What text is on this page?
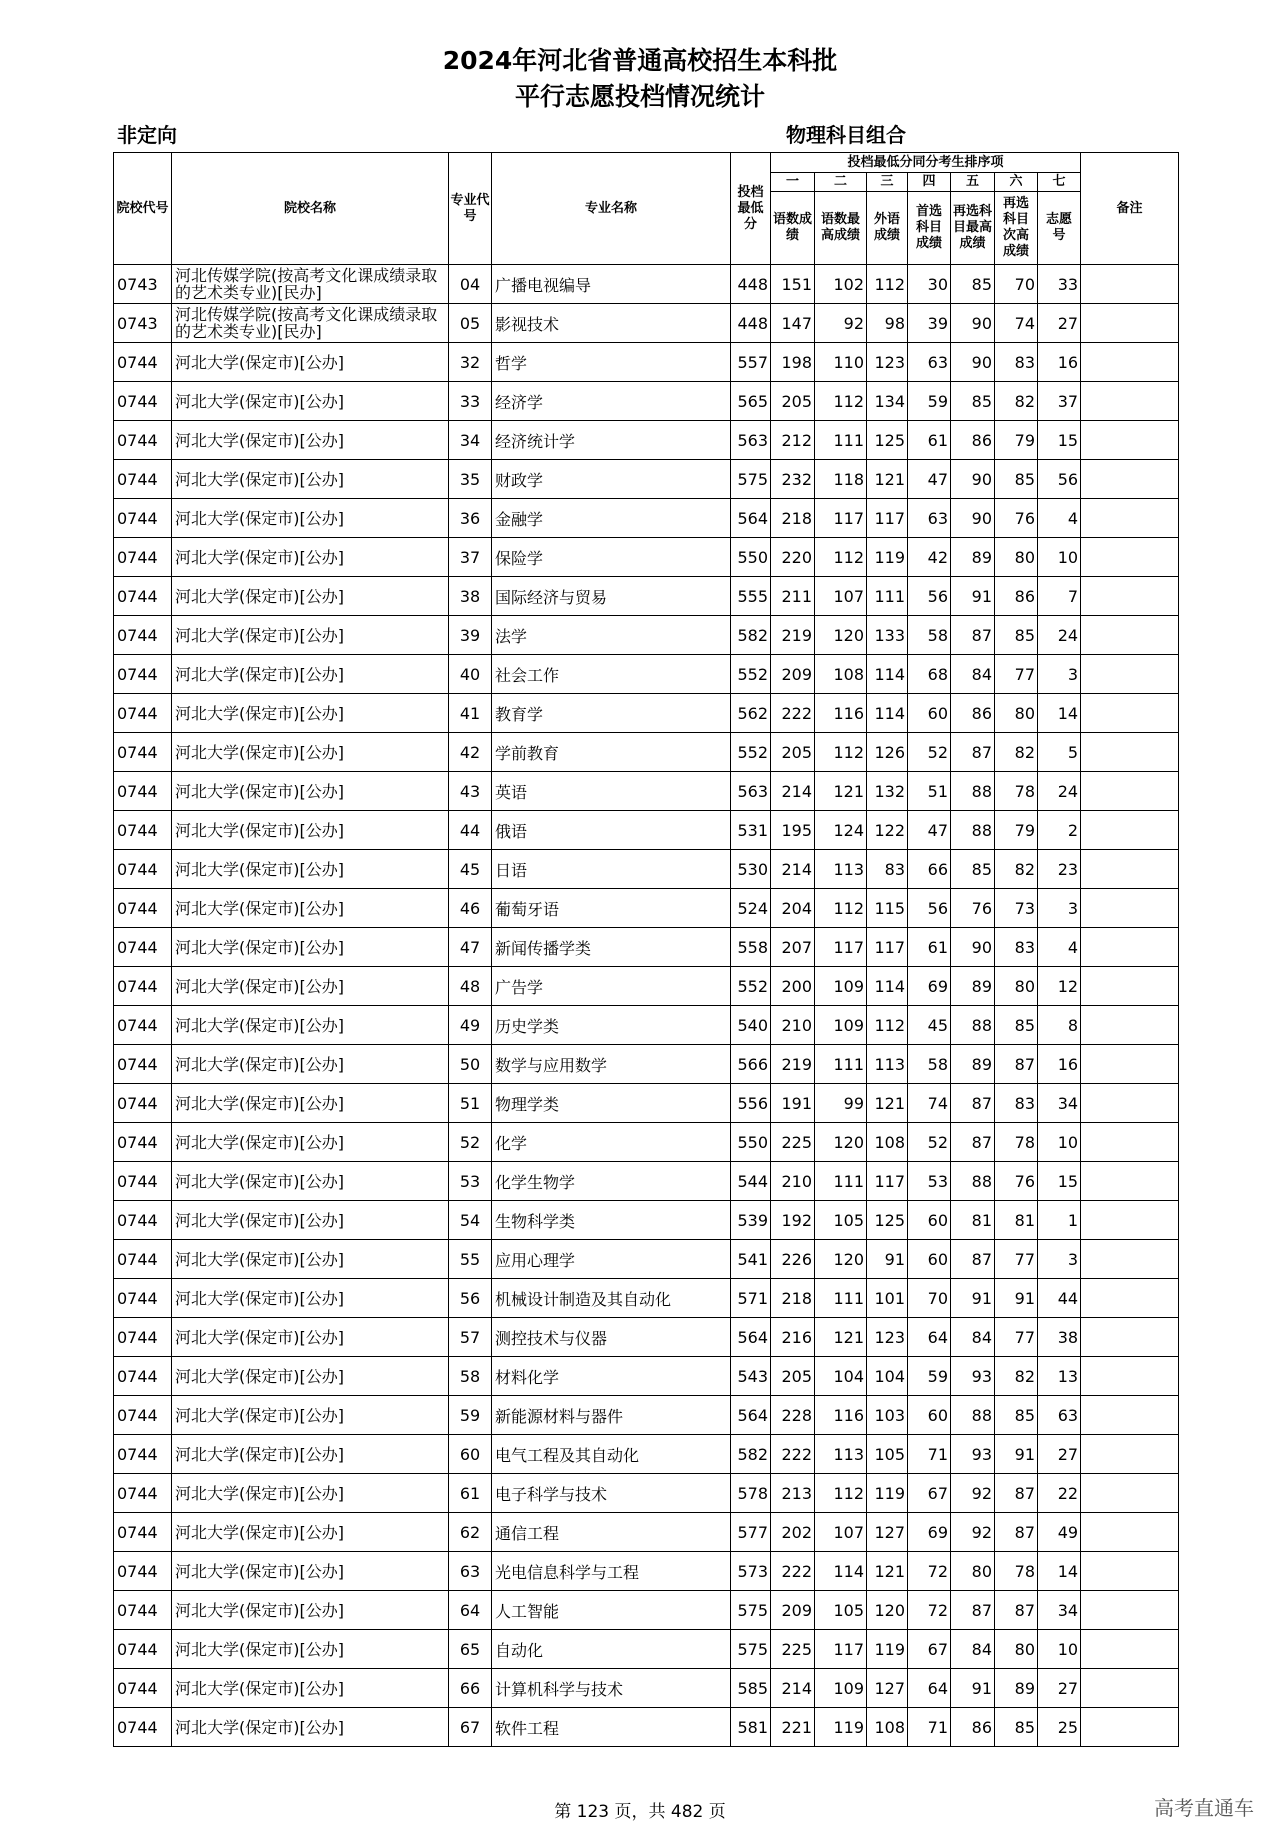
2024年河北省普通高校招生本科批
平行志愿投档情况统计
非定向	物理科目组合
院校代号	院校名称	专业代号	专业名称	投档最低分	投档最低分同分考生排序项							备注
					一	二	三	四	五	六	七	

					语数成绩	语数最高成绩	外语成绩	首选科目成绩	再选科目最高成绩	再选科目次高成绩	志愿号	

0743	河北传媒学院(按高考文化课成绩录取的艺术类专业)[民办]	04	广播电视编导	448	151	102	112	30	85	70	33	
0743	河北传媒学院(按高考文化课成绩录取的艺术类专业)[民办]	05	影视技术	448	147	92	98	39	90	74	27	
0744	河北大学(保定市)[公办]	32	哲学	557	198	110	123	63	90	83	16	
0744	河北大学(保定市)[公办]	33	经济学	565	205	112	134	59	85	82	37	
0744	河北大学(保定市)[公办]	34	经济统计学	563	212	111	125	61	86	79	15	
0744	河北大学(保定市)[公办]	35	财政学	575	232	118	121	47	90	85	56	
0744	河北大学(保定市)[公办]	36	金融学	564	218	117	117	63	90	76	4	
0744	河北大学(保定市)[公办]	37	保险学	550	220	112	119	42	89	80	10	
0744	河北大学(保定市)[公办]	38	国际经济与贸易	555	211	107	111	56	91	86	7	
0744	河北大学(保定市)[公办]	39	法学	582	219	120	133	58	87	85	24	
0744	河北大学(保定市)[公办]	40	社会工作	552	209	108	114	68	84	77	3	
0744	河北大学(保定市)[公办]	41	教育学	562	222	116	114	60	86	80	14	
0744	河北大学(保定市)[公办]	42	学前教育	552	205	112	126	52	87	82	5	
0744	河北大学(保定市)[公办]	43	英语	563	214	121	132	51	88	78	24	
0744	河北大学(保定市)[公办]	44	俄语	531	195	124	122	47	88	79	2	
0744	河北大学(保定市)[公办]	45	日语	530	214	113	83	66	85	82	23	
0744	河北大学(保定市)[公办]	46	葡萄牙语	524	204	112	115	56	76	73	3	
0744	河北大学(保定市)[公办]	47	新闻传播学类	558	207	117	117	61	90	83	4	
0744	河北大学(保定市)[公办]	48	广告学	552	200	109	114	69	89	80	12	
0744	河北大学(保定市)[公办]	49	历史学类	540	210	109	112	45	88	85	8	
0744	河北大学(保定市)[公办]	50	数学与应用数学	566	219	111	113	58	89	87	16	
0744	河北大学(保定市)[公办]	51	物理学类	556	191	99	121	74	87	83	34	
0744	河北大学(保定市)[公办]	52	化学	550	225	120	108	52	87	78	10	
0744	河北大学(保定市)[公办]	53	化学生物学	544	210	111	117	53	88	76	15	
0744	河北大学(保定市)[公办]	54	生物科学类	539	192	105	125	60	81	81	1	
0744	河北大学(保定市)[公办]	55	应用心理学	541	226	120	91	60	87	77	3	
0744	河北大学(保定市)[公办]	56	机械设计制造及其自动化	571	218	111	101	70	91	91	44	
0744	河北大学(保定市)[公办]	57	测控技术与仪器	564	216	121	123	64	84	77	38	
0744	河北大学(保定市)[公办]	58	材料化学	543	205	104	104	59	93	82	13	
0744	河北大学(保定市)[公办]	59	新能源材料与器件	564	228	116	103	60	88	85	63	
0744	河北大学(保定市)[公办]	60	电气工程及其自动化	582	222	113	105	71	93	91	27	
0744	河北大学(保定市)[公办]	61	电子科学与技术	578	213	112	119	67	92	87	22	
0744	河北大学(保定市)[公办]	62	通信工程	577	202	107	127	69	92	87	49	
0744	河北大学(保定市)[公办]	63	光电信息科学与工程	573	222	114	121	72	80	78	14	
0744	河北大学(保定市)[公办]	64	人工智能	575	209	105	120	72	87	87	34	
0744	河北大学(保定市)[公办]	65	自动化	575	225	117	119	67	84	80	10	
0744	河北大学(保定市)[公办]	66	计算机科学与技术	585	214	109	127	64	91	89	27	
0744	河北大学(保定市)[公办]	67	软件工程	581	221	119	108	71	86	85	25	
第 123 页，共 482 页	高考直通车
